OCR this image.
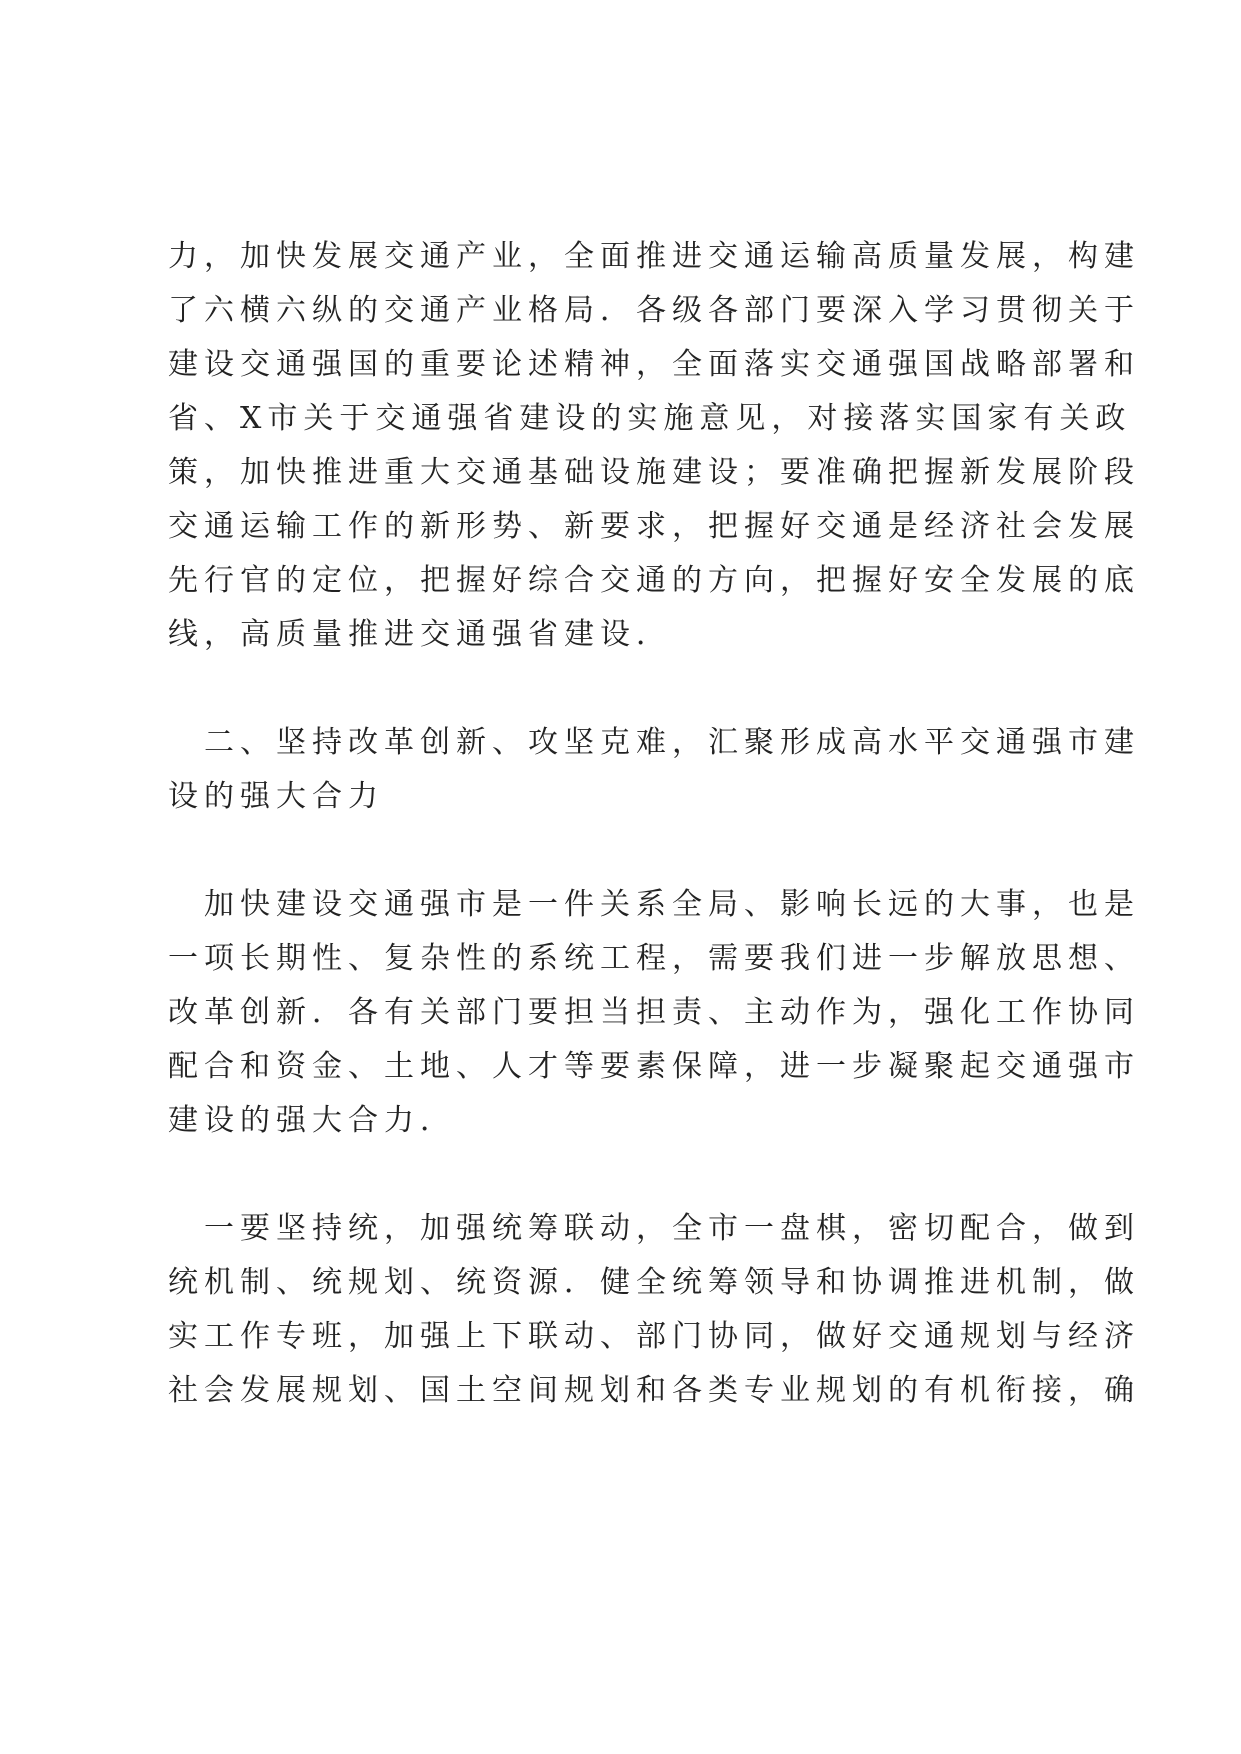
力，加快发展交通产业，全面推进交通运输高质量发展，构建
了六横六纵的交通产业格局．各级各部门要深入学习贯彻关于
建设交通强国的重要论述精神，全面落实交通强国战略部署和
省、X市关于交通强省建设的实施意见，对接落实国家有关政
策，加快推进重大交通基础设施建设；要准确把握新发展阶段
交通运输工作的新形势、新要求，把握好交通是经济社会发展
先行官的定位，把握好综合交通的方向，把握好安全发展的底
线，高质量推进交通强省建设．
二、坚持改革创新、攻坚克难，汇聚形成高水平交通强市建
设的强大合力
加快建设交通强市是一件关系全局、影响长远的大事，也是
一项长期性、复杂性的系统工程，需要我们进一步解放思想、
改革创新．各有关部门要担当担责、主动作为，强化工作协同
配合和资金、土地、人才等要素保障，进一步凝聚起交通强市
建设的强大合力．
一要坚持统，加强统筹联动，全市一盘棋，密切配合，做到
统机制、统规划、统资源．健全统筹领导和协调推进机制，做
实工作专班，加强上下联动、部门协同，做好交通规划与经济
社会发展规划、国土空间规划和各类专业规划的有机衔接，确
